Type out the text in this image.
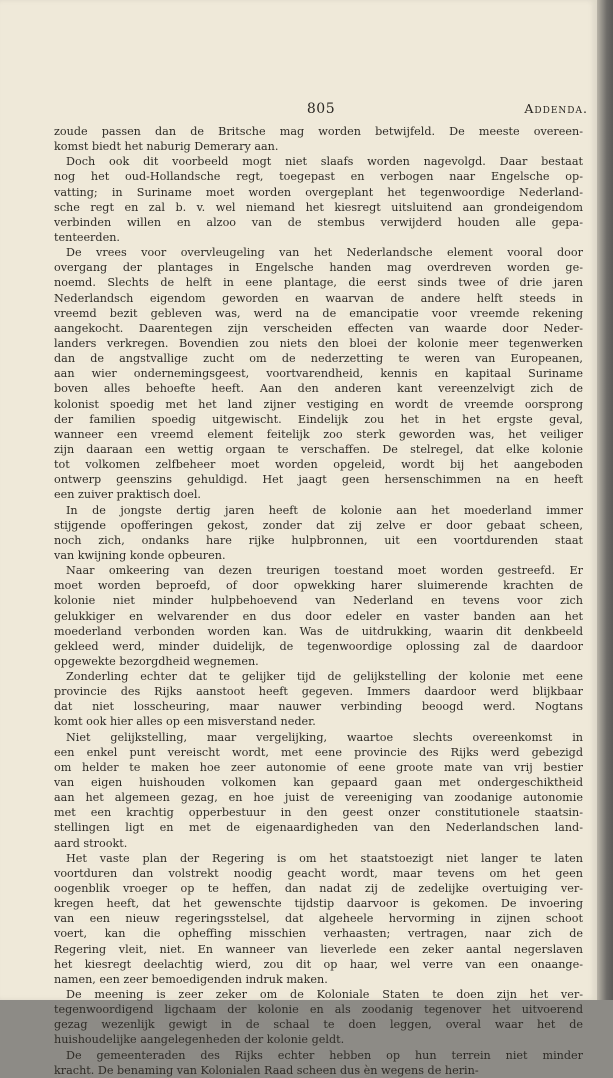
805	Addenda.
zoude passen dan de Britsche mag worden betwijfeld. De meeste overeen-
komst biedt het naburig Demerary aan.
Doch ook dit voorbeeld mogt niet slaafs worden nagevolgd. Daar bestaat
nog het oud-Hollandsche regt, toegepast en verbogen naar Engelsche op-
vatting; in Suriname moet worden overgeplant het tegenwoordige Nederland-
sche regt en zal b. v. wel niemand het kiesregt uitsluitend aan grondeigendom
verbinden willen en alzoo van de stembus verwijderd houden alle gepa-
tenteerden.
De vrees voor overvleugeling van het Nederlandsche element vooral door
overgang der plantages in Engelsche handen mag overdreven worden ge-
noemd. Slechts de helft in eene plantage, die eerst sinds twee of drie jaren
Nederlandsch eigendom geworden en waarvan de andere helft steeds in
vreemd bezit gebleven was, werd na de emancipatie voor vreemde rekening
aangekocht. Daarentegen zijn verscheiden effecten van waarde door Neder-
landers verkregen. Bovendien zou niets den bloei der kolonie meer tegenwerken
dan de angstvallige zucht om de nederzetting te weren van Europeanen,
aan wier ondernemingsgeest, voortvarendheid, kennis en kapitaal Suriname
boven alles behoefte heeft. Aan den anderen kant vereenzelvigt zich de
kolonist spoedig met het land zijner vestiging en wordt de vreemde oorsprong
der familien spoedig uitgewischt. Eindelijk zou het in het ergste geval,
wanneer een vreemd element feitelijk zoo sterk geworden was, het veiliger
zijn daaraan een wettig orgaan te verschaffen. De stelregel, dat elke kolonie
tot volkomen zelfbeheer moet worden opgeleid, wordt bij het aangeboden
ontwerp geenszins gehuldigd. Het jaagt geen hersenschimmen na en heeft
een zuiver praktisch doel.
In de jongste dertig jaren heeft de kolonie aan het moederland immer
stijgende opofferingen gekost, zonder dat zij zelve er door gebaat scheen,
noch zich, ondanks hare rijke hulpbronnen, uit een voortdurenden staat
van kwijning konde opbeuren.
Naar omkeering van dezen treurigen toestand moet worden gestreefd. Er
moet worden beproefd, of door opwekking harer sluimerende krachten de
kolonie niet minder hulpbehoevend van Nederland en tevens voor zich
gelukkiger en welvarender en dus door edeler en vaster banden aan het
moederland verbonden worden kan. Was de uitdrukking, waarin dit denkbeeld
gekleed werd, minder duidelijk, de tegenwoordige oplossing zal de daardoor
opgewekte bezorgdheid wegnemen.
Zonderling echter dat te gelijker tijd de gelijkstelling der kolonie met eene
provincie des Rijks aanstoot heeft gegeven. Immers daardoor werd blijkbaar
dat niet losscheuring, maar nauwer verbinding beoogd werd. Nogtans
komt ook hier alles op een misverstand neder.
Niet gelijkstelling, maar vergelijking, waartoe slechts overeenkomst in
een enkel punt vereischt wordt, met eene provincie des Rijks werd gebezigd
om helder te maken hoe zeer autonomie of eene groote mate van vrij bestier
van eigen huishouden volkomen kan gepaard gaan met ondergeschiktheid
aan het algemeen gezag, en hoe juist de vereeniging van zoodanige autonomie
met een krachtig opperbestuur in den geest onzer constitutionele staatsin-
stellingen ligt en met de eigenaardigheden van den Nederlandschen land-
aard strookt.
Het vaste plan der Regering is om het staatstoezigt niet langer te laten
voortduren dan volstrekt noodig geacht wordt, maar tevens om het geen
oogenblik vroeger op te heffen, dan nadat zij de zedelijke overtuiging ver-
kregen heeft, dat het gewenschte tijdstip daarvoor is gekomen. De invoering
van een nieuw regeringsstelsel, dat algeheele hervorming in zijnen schoot
voert, kan die opheffing misschien verhaasten; vertragen, naar zich de
Regering vleit, niet. En wanneer van lieverlede een zeker aantal negerslaven
het kiesregt deelachtig wierd, zou dit op haar, wel verre van een onaange-
namen, een zeer bemoedigenden indruk maken.
De meening is zeer zeker om de Koloniale Staten te doen zijn het ver-
tegenwoordigend ligchaam der kolonie en als zoodanig tegenover het uitvoerend
gezag wezenlijk gewigt in de schaal te doen leggen, overal waar het de
huishoudelijke aangelegenheden der kolonie geldt.
De gemeenteraden des Rijks echter hebben op hun terrein niet minder
kracht. De benaming van Kolonialen Raad scheen dus èn wegens de herin-
